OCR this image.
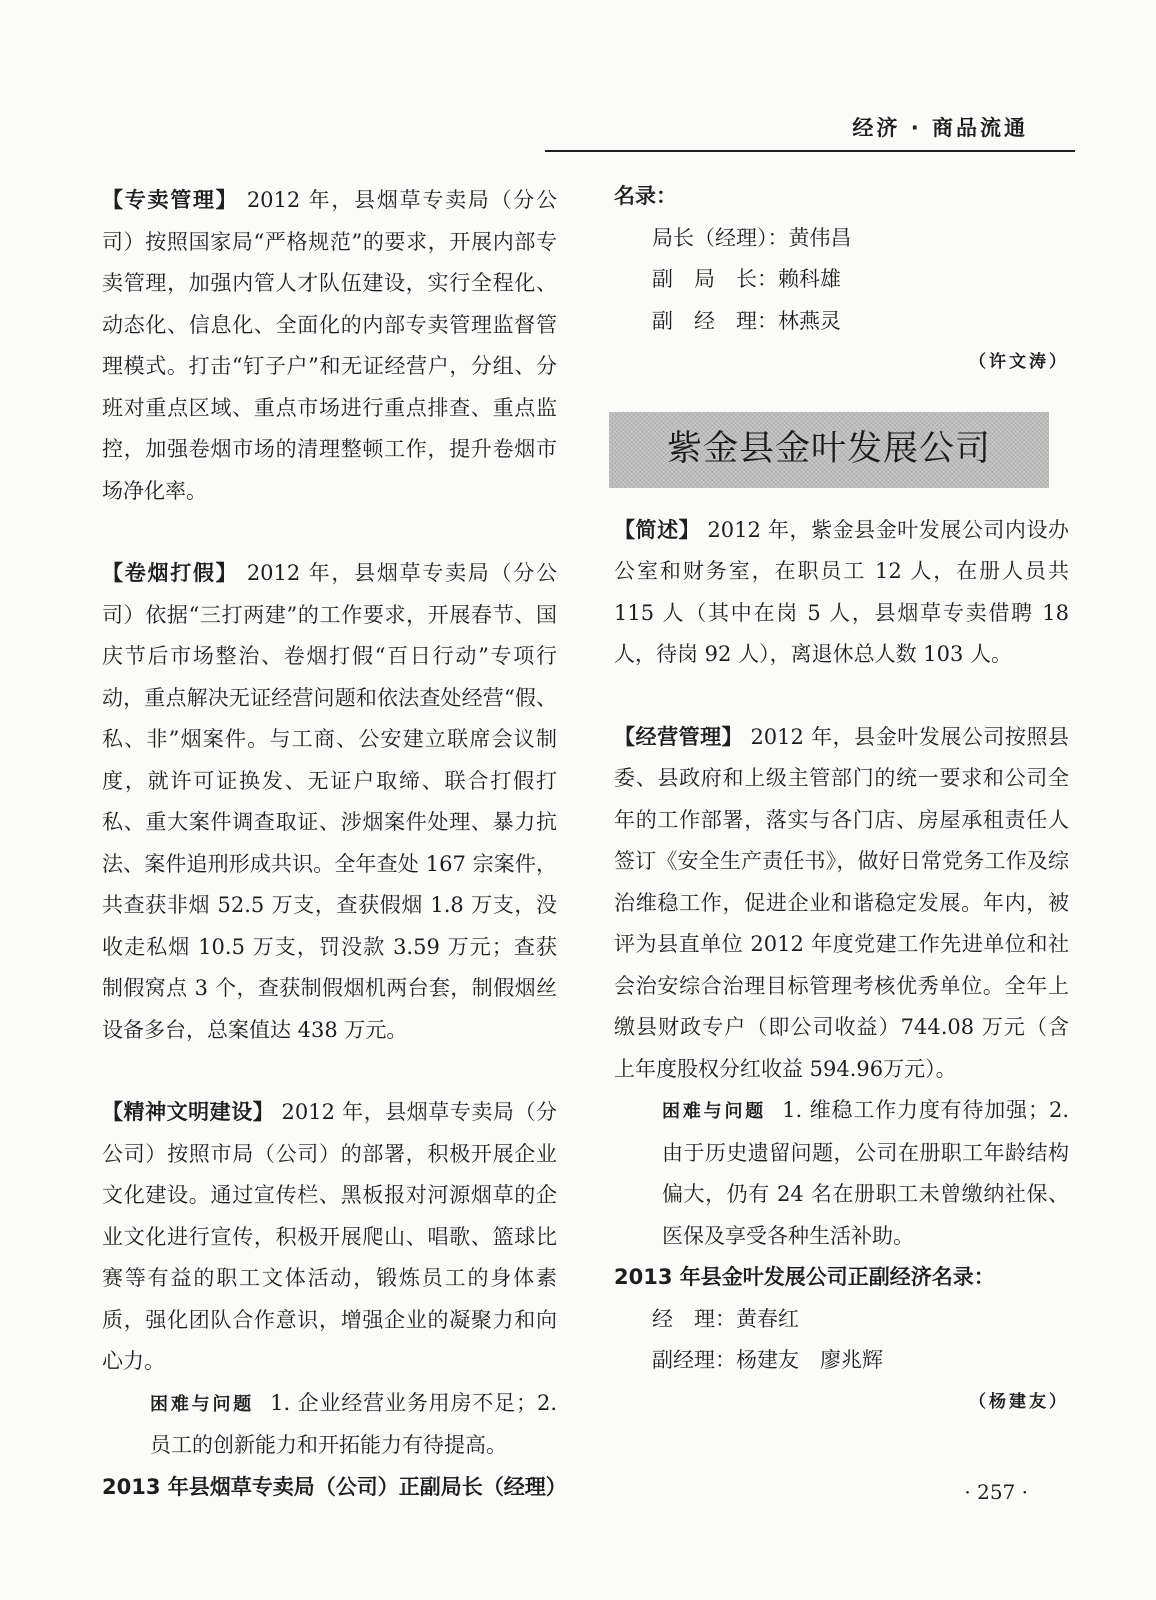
经济 · 商品流通

【专卖管理】 2012 年，县烟草专卖局（分公司）按照国家局“严格规范”的要求，开展内部专卖管理，加强内管人才队伍建设，实行全程化、动态化、信息化、全面化的内部专卖管理监督管理模式。打击“钉子户”和无证经营户，分组、分班对重点区域、重点市场进行重点排查、重点监控，加强卷烟市场的清理整顿工作，提升卷烟市场净化率。

【卷烟打假】 2012 年，县烟草专卖局（分公司）依据“三打两建”的工作要求，开展春节、国庆节后市场整治、卷烟打假“百日行动”专项行动，重点解决无证经营问题和依法查处经营“假、私、非”烟案件。与工商、公安建立联席会议制度，就许可证换发、无证户取缔、联合打假打私、重大案件调查取证、涉烟案件处理、暴力抗法、案件追刑形成共识。全年查处 167 宗案件，共查获非烟 52.5 万支，查获假烟 1.8 万支，没收走私烟 10.5 万支，罚没款 3.59 万元；查获制假窝点 3 个，查获制假烟机两台套，制假烟丝设备多台，总案值达 438 万元。

【精神文明建设】 2012 年，县烟草专卖局（分公司）按照市局（公司）的部署，积极开展企业文化建设。通过宣传栏、黑板报对河源烟草的企业文化进行宣传，积极开展爬山、唱歌、篮球比赛等有益的职工文体活动，锻炼员工的身体素质，强化团队合作意识，增强企业的凝聚力和向心力。

困难与问题 1. 企业经营业务用房不足；2. 员工的创新能力和开拓能力有待提高。

2013 年县烟草专卖局（公司）正副局长（经理）

名录：

局长（经理）：黄伟昌

副　局　长：赖科雄

副　经　理：林燕灵

（许文涛）

紫金县金叶发展公司

【简述】 2012 年，紫金县金叶发展公司内设办公室和财务室，在职员工 12 人，在册人员共 115 人（其中在岗 5 人，县烟草专卖借聘 18 人，待岗 92 人），离退休总人数 103 人。

【经营管理】 2012 年，县金叶发展公司按照县委、县政府和上级主管部门的统一要求和公司全年的工作部署，落实与各门店、房屋承租责任人签订《安全生产责任书》，做好日常党务工作及综治维稳工作，促进企业和谐稳定发展。年内，被评为县直单位 2012 年度党建工作先进单位和社会治安综合治理目标管理考核优秀单位。全年上缴县财政专户（即公司收益）744.08 万元（含上年度股权分红收益 594.96万元）。

困难与问题 1. 维稳工作力度有待加强；2. 由于历史遗留问题，公司在册职工年龄结构偏大，仍有 24 名在册职工未曾缴纳社保、医保及享受各种生活补助。

2013 年县金叶发展公司正副经济名录：

经　理：黄春红

副经理：杨建友　廖兆辉

（杨建友）

· 257 ·
